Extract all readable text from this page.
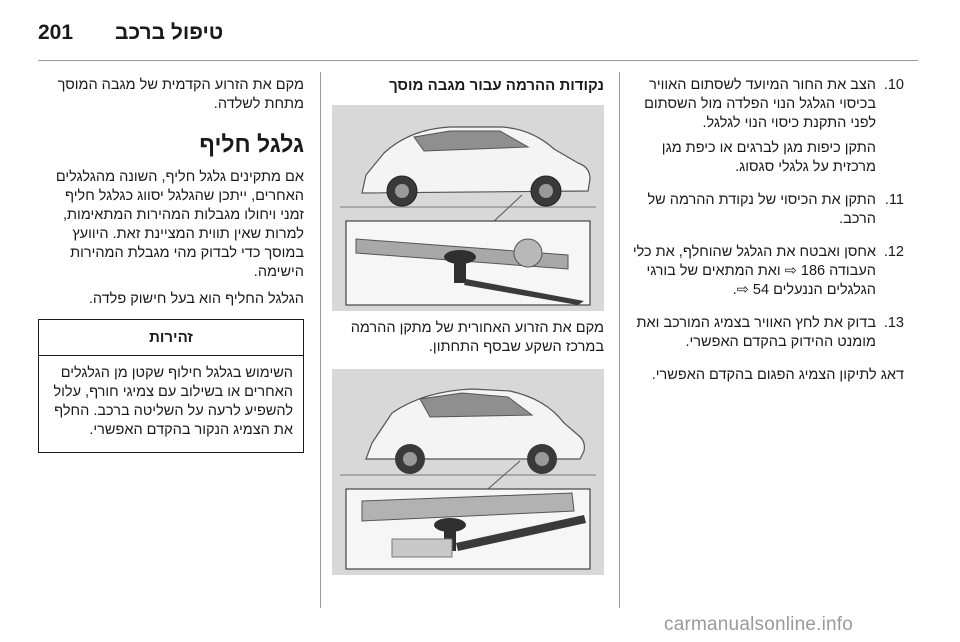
201 טיפול ברכב
10.

הצב את החור המיועד לשסתום האוויר בכיסוי הגלגל הנוי הפלדה מול השסתום לפני התקנת כיסוי הנוי לגלגל.

התקן כיפות מגן לברגים או כיפת מגן מרכזית על גלגלי סגסוג.

11.

התקן את הכיסוי של נקודת ההרמה של הרכב.

12.

אחסן ואבטח את הגלגל שהוחלף, את כלי העבודה 186 ⇨ ואת המתאים של בורגי הגלגלים הננעלים 54 ⇨.

13.

בדוק את לחץ האוויר בצמיג המורכב ואת מומנט ההידוק בהקדם האפשרי.

דאג לתיקון הצמיג הפגום בהקדם האפשרי.

נקודות ההרמה עבור מגבה מוסך

מקם את הזרוע האחורית של מתקן ההרמה במרכז השקע שבסף התחתון.

מקם את הזרוע הקדמית של מגבה המוסך מתחת לשלדה.

גלגל חליף

אם מתקינים גלגל חליף, השונה מהגלגלים האחרים, ייתכן שהגלגל יסווג כגלגל חליף זמני ויחולו מגבלות המהירות המתאימות, למרות שאין תווית המציינת זאת. היוועץ במוסך כדי לבדוק מהי מגבלת המהירות הישימה.

הגלגל החליף הוא בעל חישוק פלדה.

זהירות
השימוש בגלגל חילוף שקטן מן הגלגלים האחרים או בשילוב עם צמיגי חורף, עלול להשפיע לרעה על השליטה ברכב. החלף את הצמיג הנקור בהקדם האפשרי.
carmanualsonline.info
